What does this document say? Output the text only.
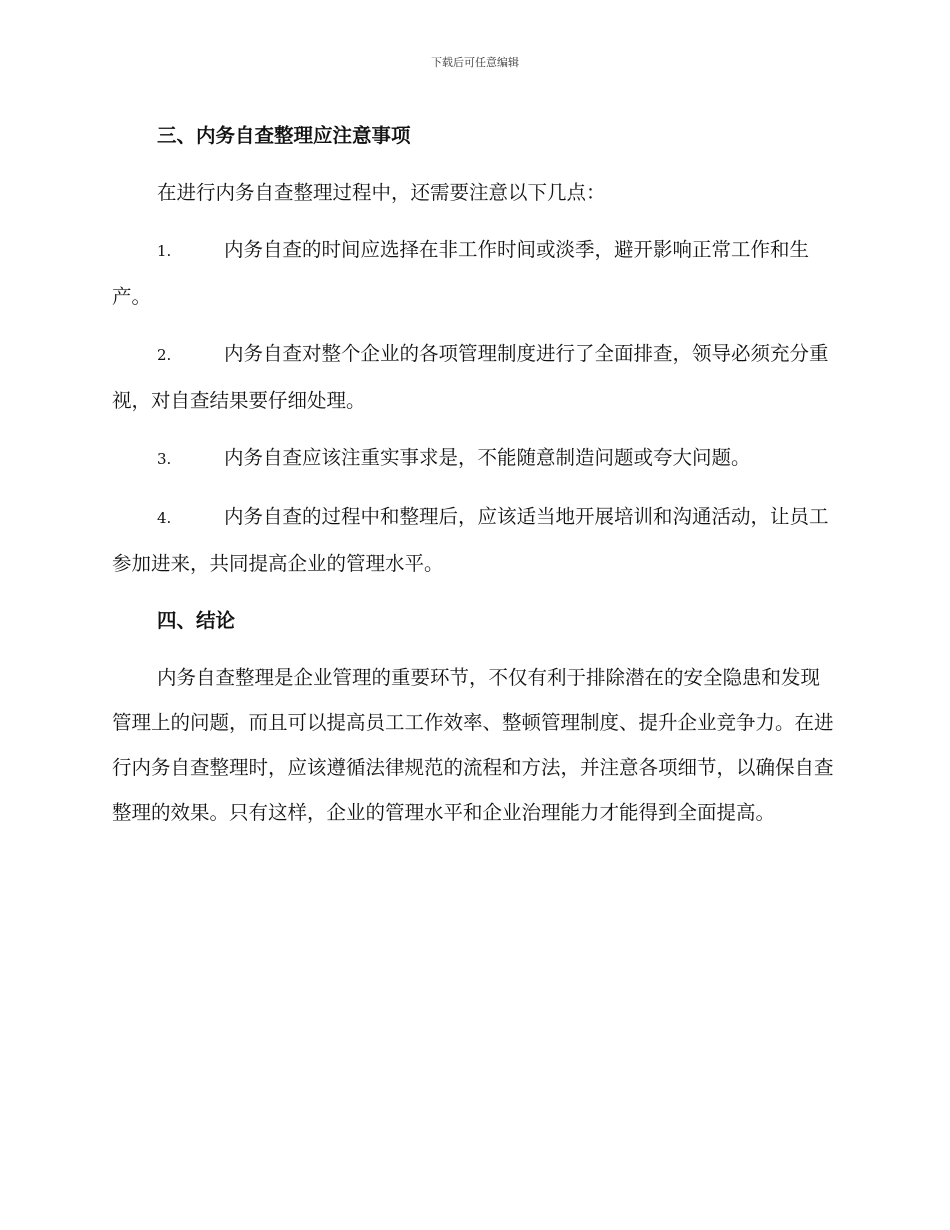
下载后可任意编辑
三、内务自查整理应注意事项
在进行内务自查整理过程中，还需要注意以下几点：
1.	内务自查的时间应选择在非工作时间或淡季，避开影响正常工作和生产。
2.	内务自查对整个企业的各项管理制度进行了全面排查，领导必须充分重视，对自查结果要仔细处理。
3.	内务自查应该注重实事求是，不能随意制造问题或夸大问题。
4.	内务自查的过程中和整理后，应该适当地开展培训和沟通活动，让员工参加进来，共同提高企业的管理水平。
四、结论
内务自查整理是企业管理的重要环节，不仅有利于排除潜在的安全隐患和发现管理上的问题，而且可以提高员工工作效率、整顿管理制度、提升企业竞争力。在进行内务自查整理时，应该遵循法律规范的流程和方法，并注意各项细节，以确保自查整理的效果。只有这样，企业的管理水平和企业治理能力才能得到全面提高。
